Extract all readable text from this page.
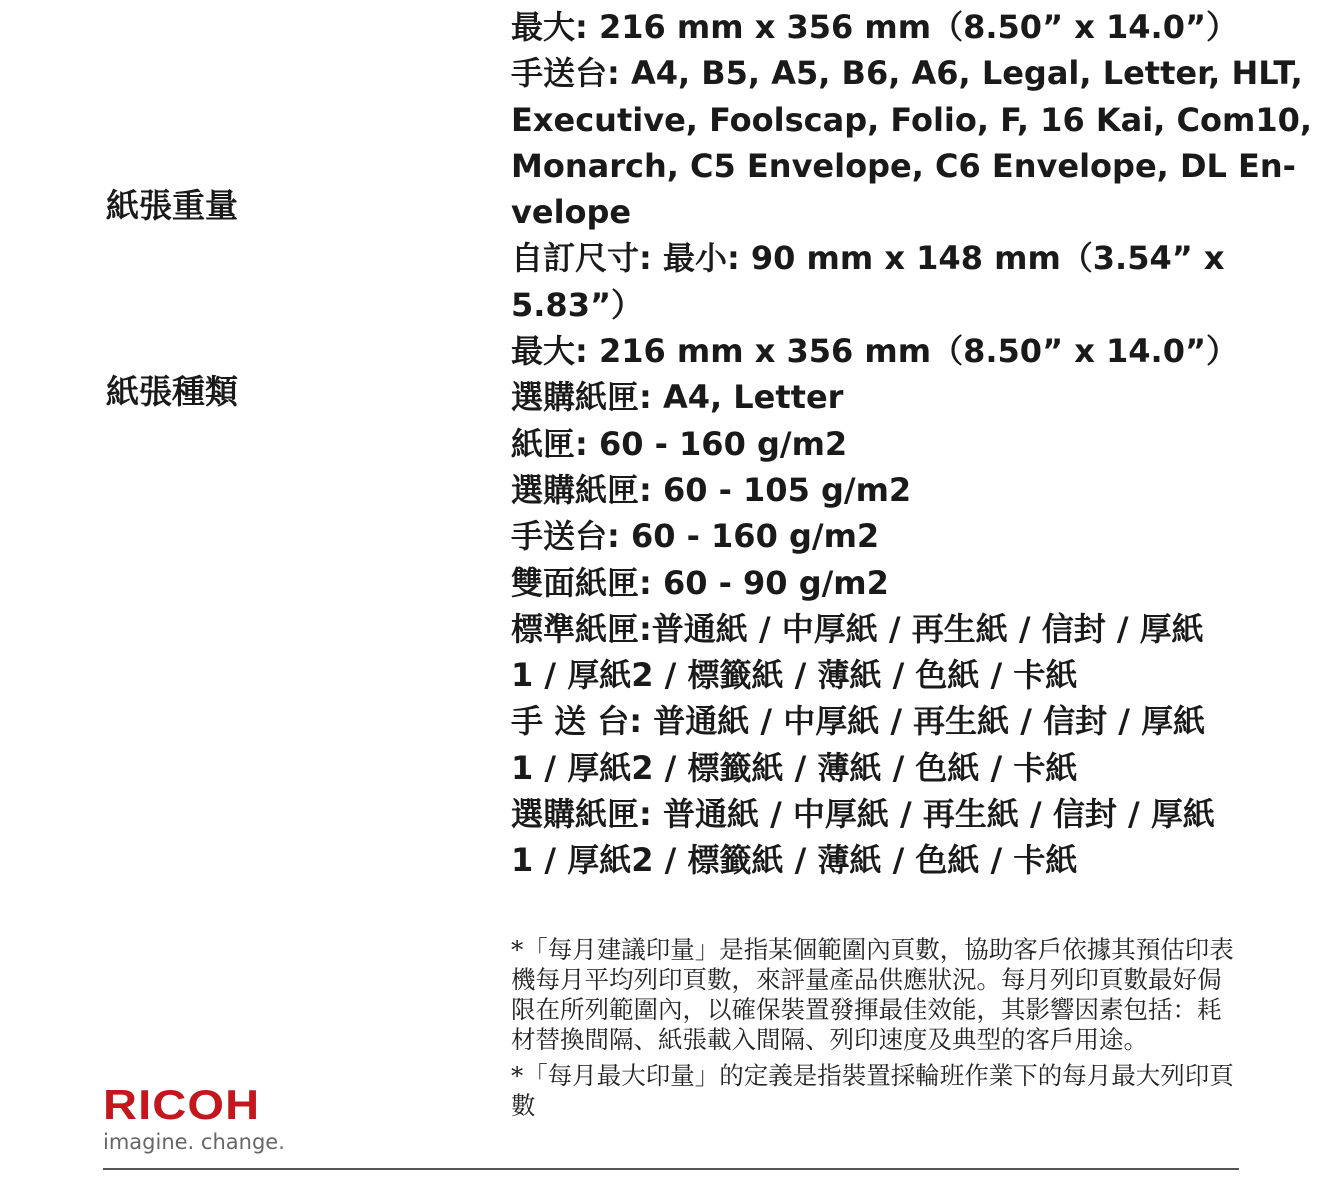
紙張重量
紙張種類
最大: 216 mm x 356 mm（8.50” x 14.0”）
手送台: A4, B5, A5, B6, A6, Legal, Letter, HLT,
Executive, Foolscap, Folio, F, 16 Kai, Com10,
Monarch, C5 Envelope, C6 Envelope, DL En-
velope
自訂尺寸: 最小: 90 mm x 148 mm（3.54” x
5.83”）
最大: 216 mm x 356 mm（8.50” x 14.0”）
選購紙匣: A4, Letter
紙匣: 60 - 160 g/m2
選購紙匣: 60 - 105 g/m2
手送台: 60 - 160 g/m2
雙面紙匣: 60 - 90 g/m2
標準紙匣:普通紙 / 中厚紙 / 再生紙 / 信封 / 厚紙
1 / 厚紙2 / 標籤紙 / 薄紙 / 色紙 / 卡紙
手 送 台: 普通紙 / 中厚紙 / 再生紙 / 信封 / 厚紙
1 / 厚紙2 / 標籤紙 / 薄紙 / 色紙 / 卡紙
選購紙匣: 普通紙 / 中厚紙 / 再生紙 / 信封 / 厚紙
1 / 厚紙2 / 標籤紙 / 薄紙 / 色紙 / 卡紙

*「每月建議印量」是指某個範圍內頁數，協助客戶依據其預估印表機每月平均列印頁數，來評量產品供應狀況。每月列印頁數最好侷限在所列範圍內，以確保裝置發揮最佳效能，其影響因素包括：耗材替換間隔、紙張載入間隔、列印速度及典型的客戶用途。

*「每月最大印量」的定義是指裝置採輪班作業下的每月最大列印頁數

RICOH
imagine. change.
